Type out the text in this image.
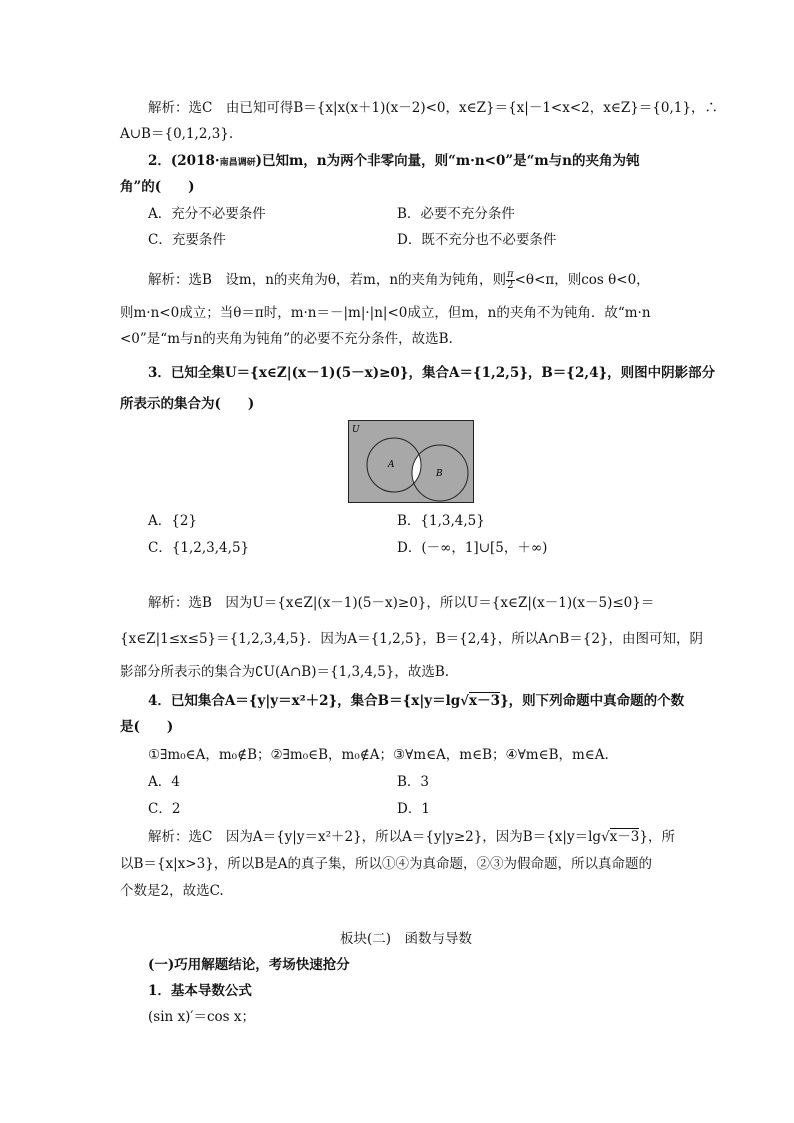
解析：选C　由已知可得B＝{x|x(x＋1)(x－2)<0，x∈Z}＝{x|－1<x<2，x∈Z}＝{0,1}，∴
A∪B＝{0,1,2,3}.
2．(2018·南昌调研)已知m，n为两个非零向量，则“m·n<0”是“m与n的夹角为钝
角”的(　　)
A．充分不必要条件	B．必要不充分条件
C．充要条件	D．既不充分也不必要条件
解析：选B　设m，n的夹角为θ，若m，n的夹角为钝角，则 $\frac{\pi}{2} <\theta<\pi$，则cos θ<0，
则m·n<0成立；当θ＝π时，m·n＝－|m|·|n|<0成立，但m，n的夹角不为钝角．故“m·n
<0”是“m与n的夹角为钝角”的必要不充分条件，故选B.
3．已知全集U＝{x∈Z|(x－1)(5－x)≥0}，集合A＝{1,2,5}，B＝{2,4}，则图中阴影部分
所表示的集合为(　　)
U
A
B
A．{2}	B．{1,3,4,5}
C．{1,2,3,4,5}	D．(－∞，1]∪[5，＋∞)
解析：选B　因为U＝{x∈Z|(x－1)(5－x)≥0}，所以U＝{x∈Z|(x－1)(x－5)≤0}＝
{x∈Z|1≤x≤5}＝{1,2,3,4,5}．因为A＝{1,2,5}，B＝{2,4}，所以A∩B＝{2}，由图可知，阴
影部分所表示的集合为∁U(A∩B)＝{1,3,4,5}，故选B.
4．已知集合A＝{y|y＝x²＋2}，集合B＝{x|y＝lg√x－3}，则下列命题中真命题的个数
是(　　)
①∃m₀∈A，m₀∉B；②∃m₀∈B，m₀∉A；③∀m∈A，m∈B；④∀m∈B，m∈A.
A．4	B．3
C．2	D．1
解析：选C　因为A＝{y|y＝x²＋2}，所以A＝{y|y≥2}，因为B＝{x|y＝lg√x－3}，所
以B＝{x|x>3}，所以B是A的真子集，所以①④为真命题，②③为假命题，所以真命题的
个数是2，故选C.
板块(二)　函数与导数
(一)巧用解题结论，考场快速抢分
1．基本导数公式
(sin x)′＝cos x；
